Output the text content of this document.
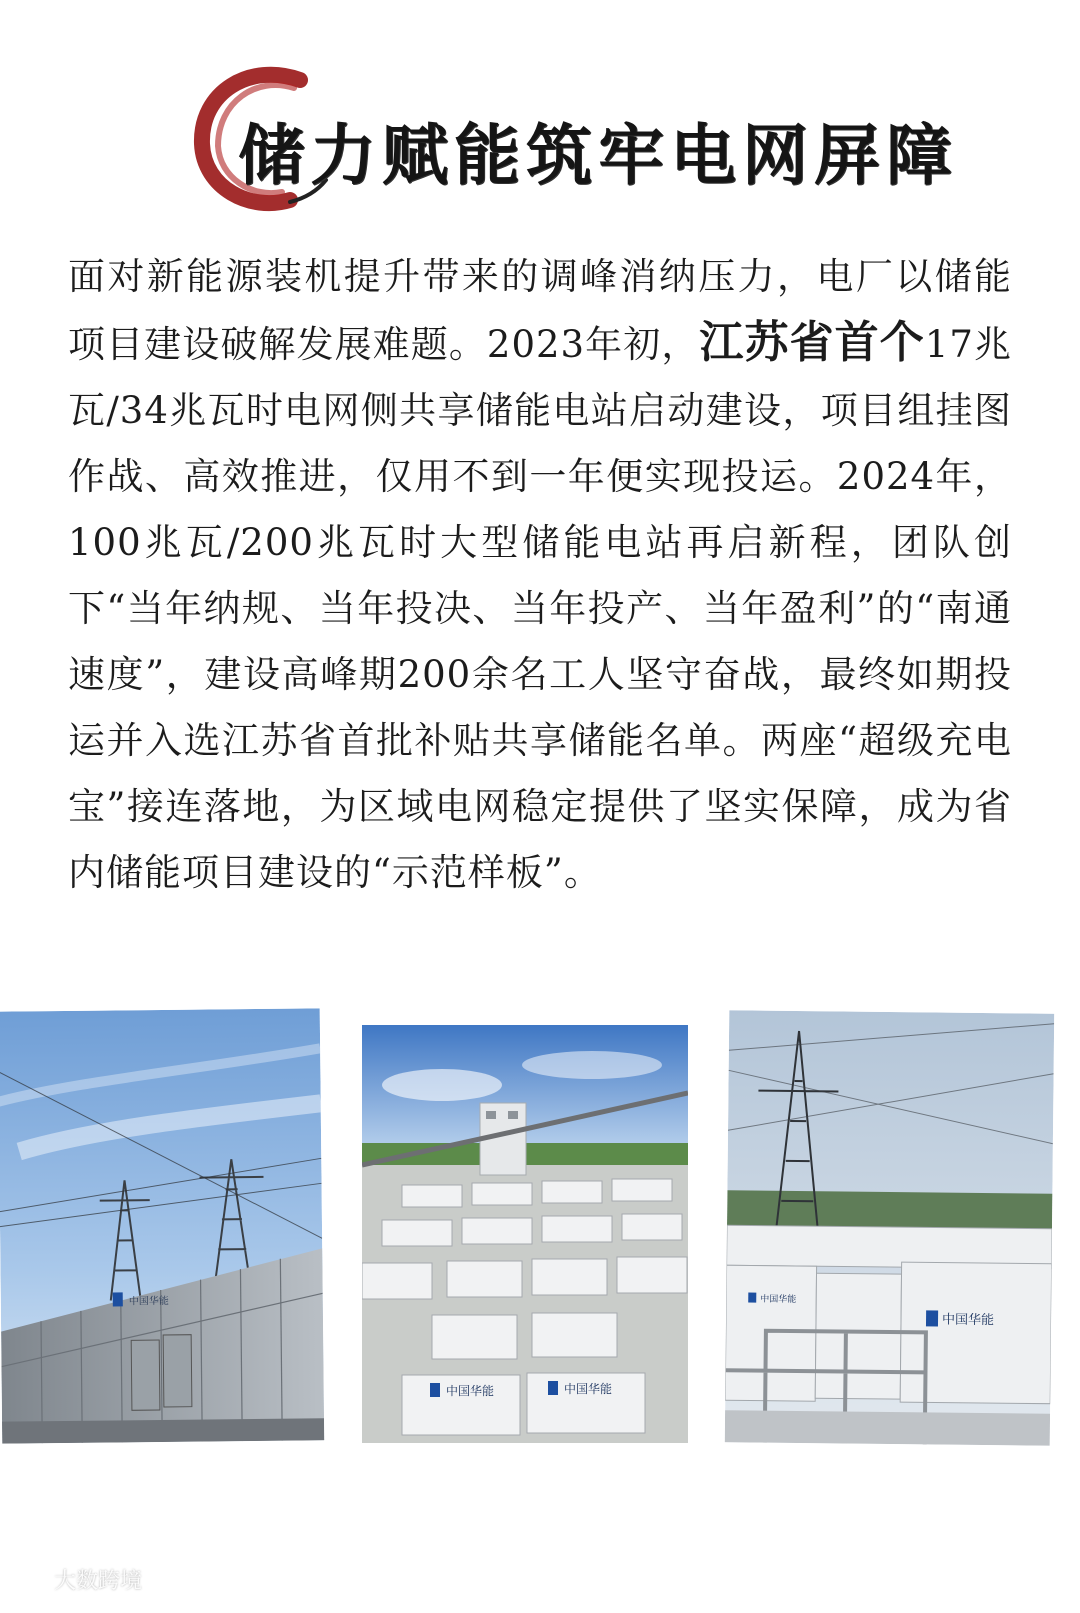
储力赋能筑牢电网屏障
面对新能源装机提升带来的调峰消纳压力，电厂以储能项目建设破解发展难题。2023年初，江苏省首个17兆瓦/34兆瓦时电网侧共享储能电站启动建设，项目组挂图作战、高效推进，仅用不到一年便实现投运。2024年，100兆瓦/200兆瓦时大型储能电站再启新程，团队创下“当年纳规、当年投决、当年投产、当年盈利”的“南通速度”，建设高峰期200余名工人坚守奋战，最终如期投运并入选江苏省首批补贴共享储能名单。两座“超级充电宝”接连落地，为区域电网稳定提供了坚实保障，成为省内储能项目建设的“示范样板”。
中国华能
中国华能	中国华能
中国华能
中国华能
大数跨境
